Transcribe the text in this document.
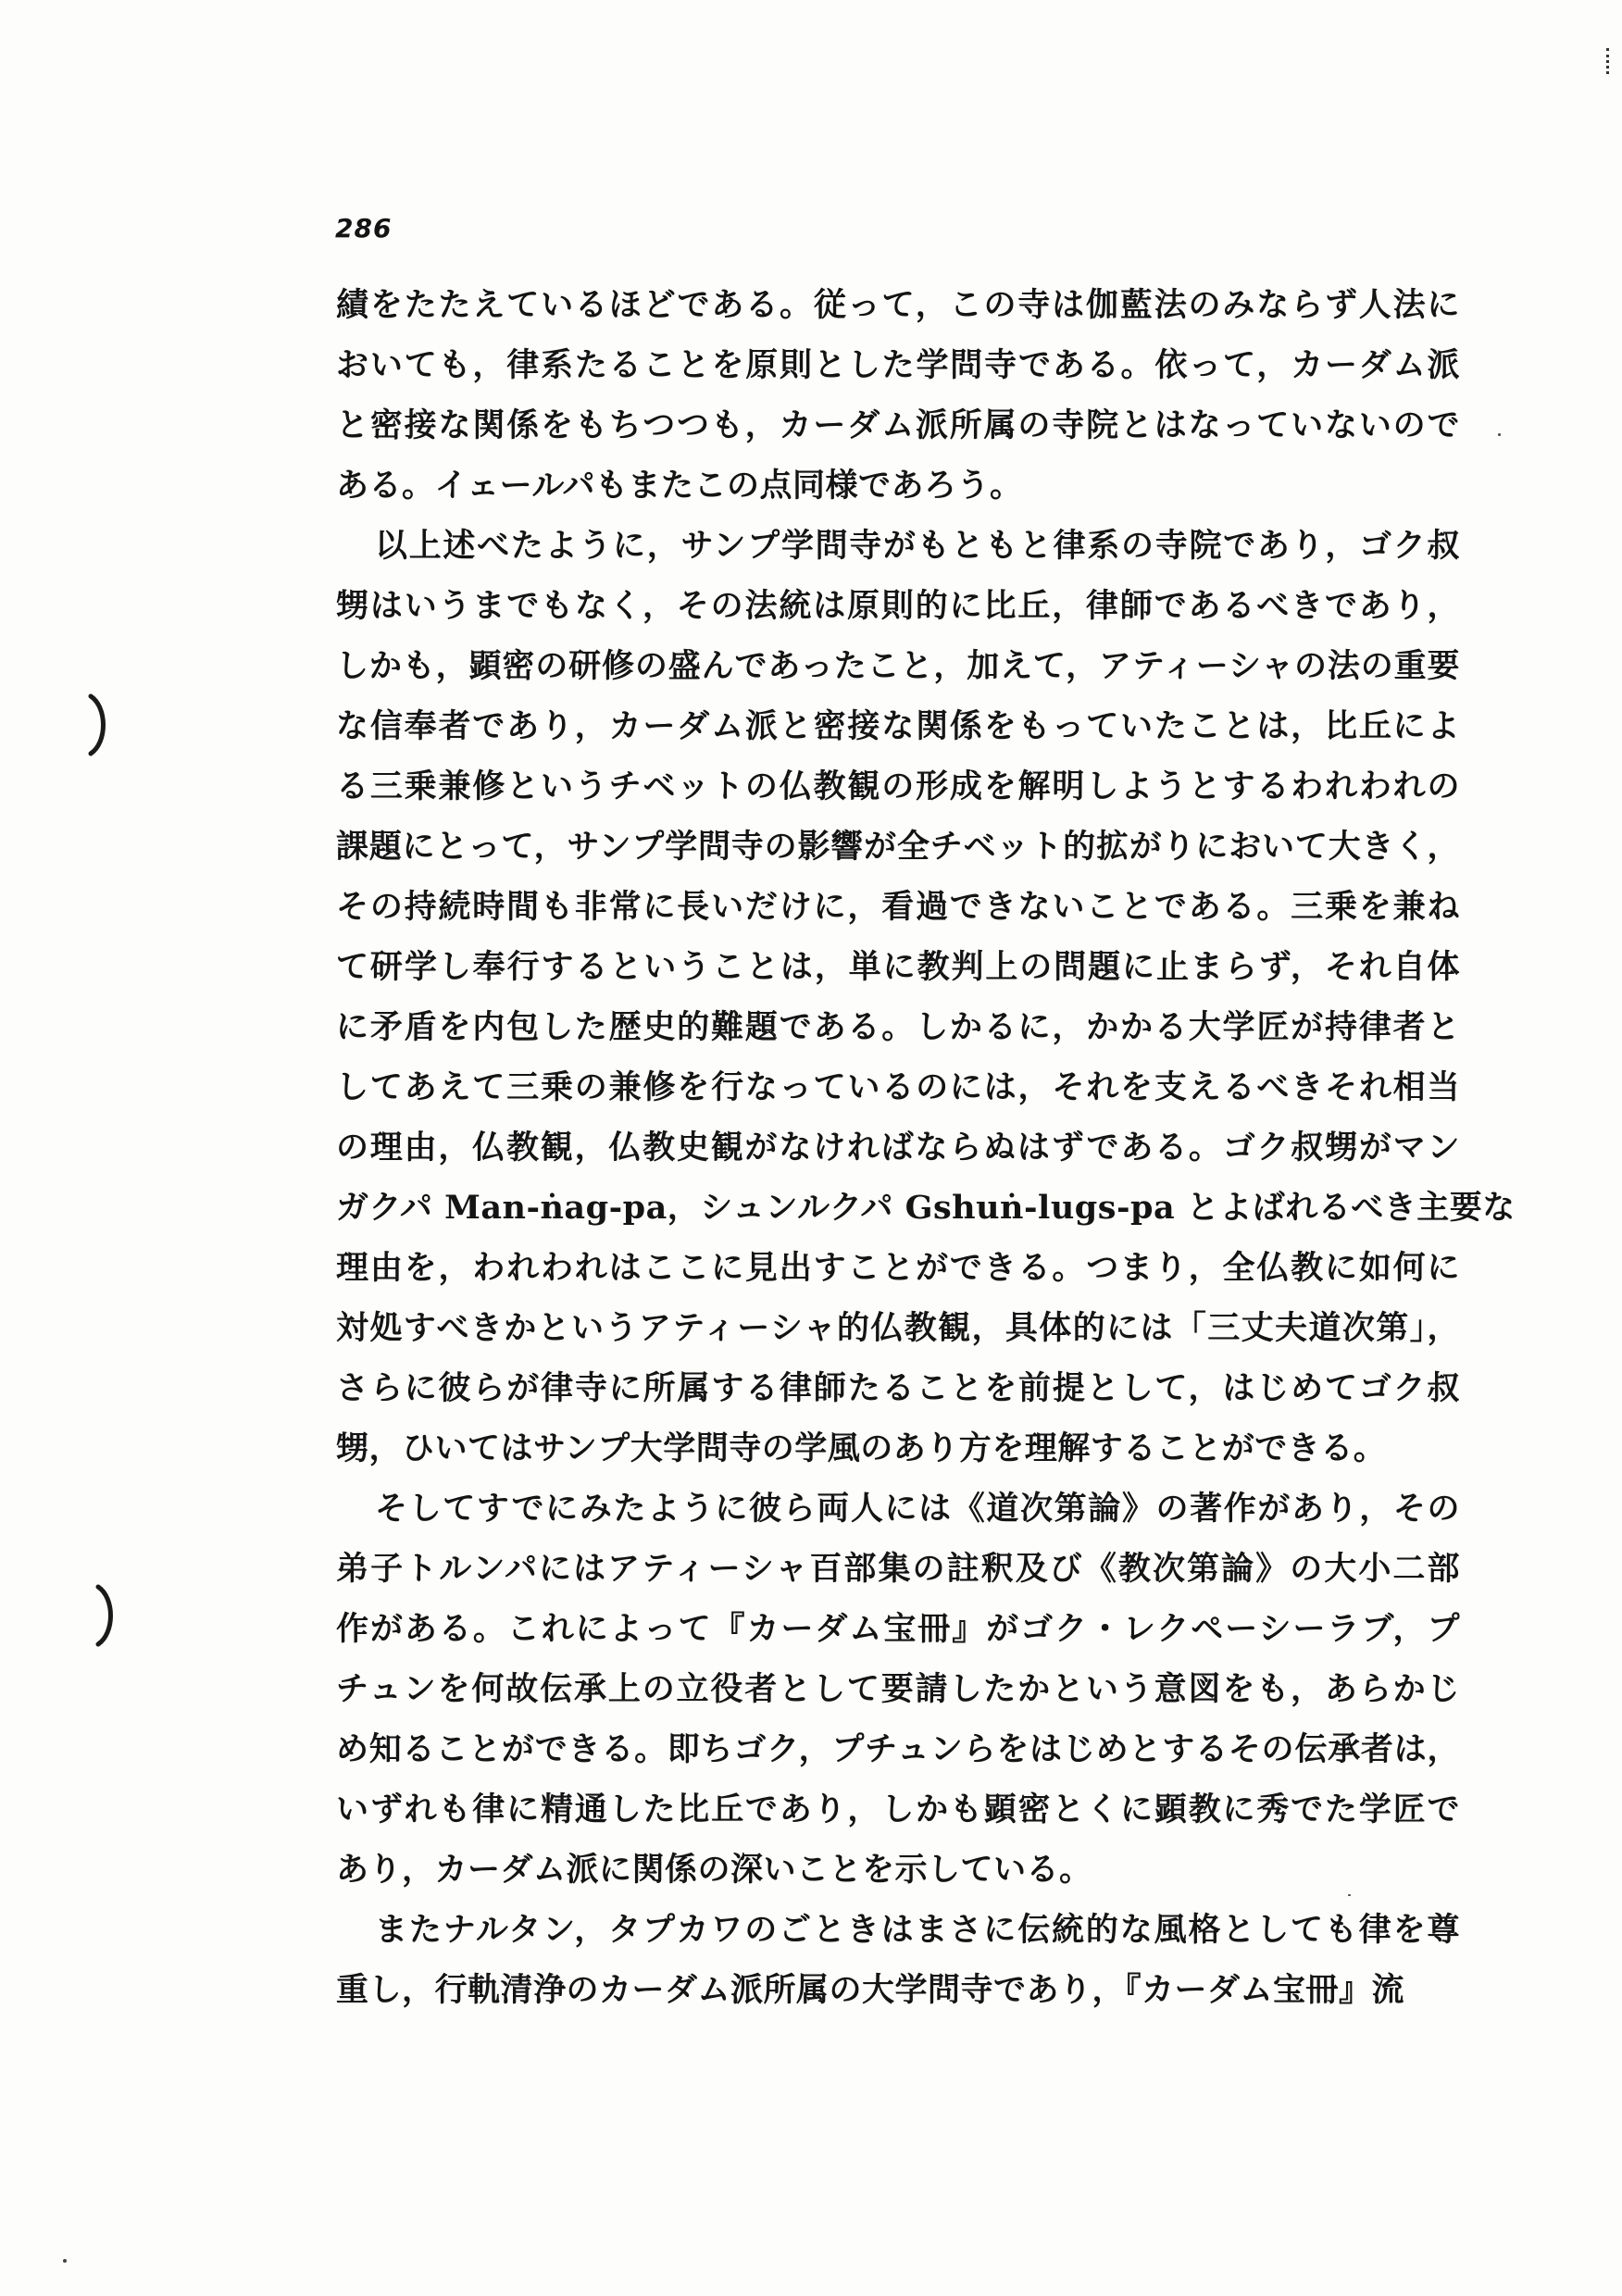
286
績をたたえているほどである。従って，この寺は伽藍法のみならず人法に
おいても，律系たることを原則とした学問寺である。依って，カーダム派
と密接な関係をもちつつも，カーダム派所属の寺院とはなっていないので
ある。イェールパもまたこの点同様であろう。
以上述べたように，サンプ学問寺がもともと律系の寺院であり，ゴク叔
甥はいうまでもなく，その法統は原則的に比丘，律師であるべきであり，
しかも，顕密の研修の盛んであったこと，加えて，アティーシャの法の重要
な信奉者であり，カーダム派と密接な関係をもっていたことは，比丘によ
る三乗兼修というチベットの仏教観の形成を解明しようとするわれわれの
課題にとって，サンプ学問寺の影響が全チベット的拡がりにおいて大きく，
その持続時間も非常に長いだけに，看過できないことである。三乗を兼ね
て研学し奉行するということは，単に教判上の問題に止まらず，それ自体
に矛盾を内包した歴史的難題である。しかるに，かかる大学匠が持律者と
してあえて三乗の兼修を行なっているのには，それを支えるべきそれ相当
の理由，仏教観，仏教史観がなければならぬはずである。ゴク叔甥がマン
ガクパ Man-ṅag-pa，シュンルクパ Gshuṅ-lugs-pa とよばれるべき主要な
理由を，われわれはここに見出すことができる。つまり，全仏教に如何に
対処すべきかというアティーシャ的仏教観，具体的には「三丈夫道次第」，
さらに彼らが律寺に所属する律師たることを前提として，はじめてゴク叔
甥，ひいてはサンプ大学問寺の学風のあり方を理解することができる。
そしてすでにみたように彼ら両人には《道次第論》の著作があり，その
弟子トルンパにはアティーシャ百部集の註釈及び《教次第論》の大小二部
作がある。これによって『カーダム宝冊』がゴク・レクペーシーラブ，プ
チュンを何故伝承上の立役者として要請したかという意図をも，あらかじ
め知ることができる。即ちゴク，プチュンらをはじめとするその伝承者は，
いずれも律に精通した比丘であり，しかも顕密とくに顕教に秀でた学匠で
あり，カーダム派に関係の深いことを示している。
またナルタン，タプカワのごときはまさに伝統的な風格としても律を尊
重し，行軌清浄のカーダム派所属の大学問寺であり，『カーダム宝冊』流
